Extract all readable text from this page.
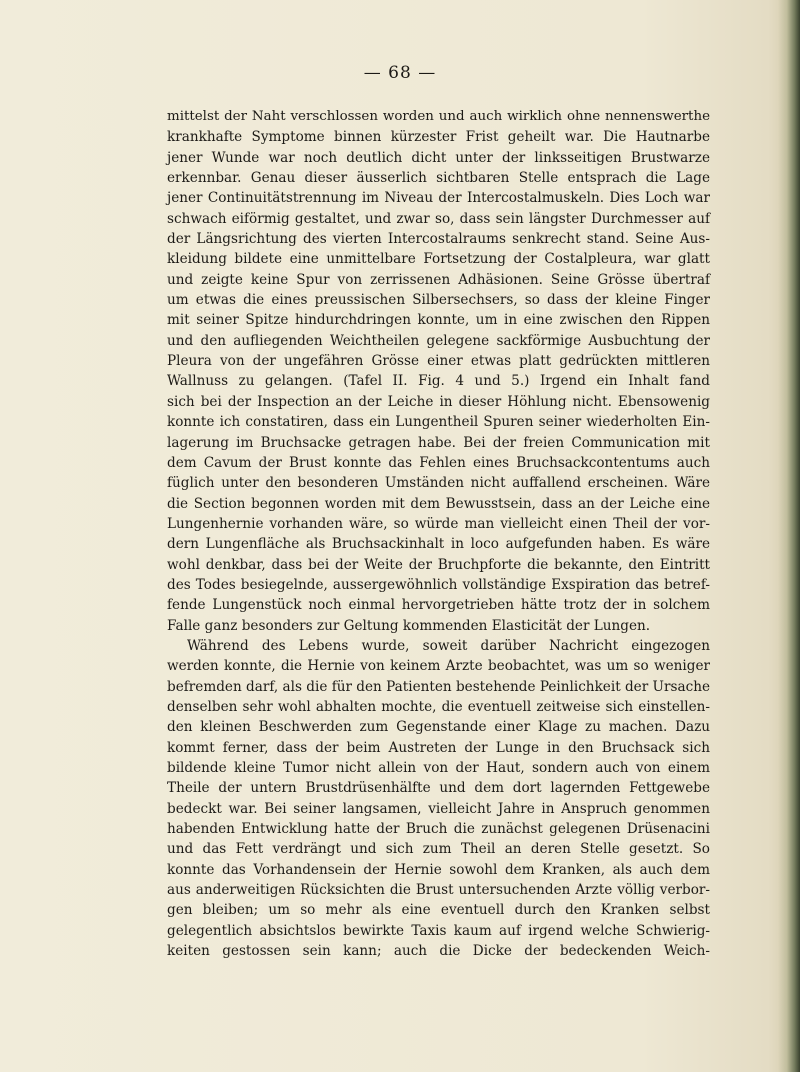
— 68 —
mittelst der Naht verschlossen worden und auch wirklich ohne nennenswerthe
krankhafte Symptome binnen kürzester Frist geheilt war. Die Hautnarbe
jener Wunde war noch deutlich dicht unter der linksseitigen Brustwarze
erkennbar. Genau dieser äusserlich sichtbaren Stelle entsprach die Lage
jener Continuitätstrennung im Niveau der Intercostalmuskeln. Dies Loch war
schwach eiförmig gestaltet, und zwar so, dass sein längster Durchmesser auf
der Längsrichtung des vierten Intercostalraums senkrecht stand. Seine Aus-
kleidung bildete eine unmittelbare Fortsetzung der Costalpleura, war glatt
und zeigte keine Spur von zerrissenen Adhäsionen. Seine Grösse übertraf
um etwas die eines preussischen Silbersechsers, so dass der kleine Finger
mit seiner Spitze hindurchdringen konnte, um in eine zwischen den Rippen
und den aufliegenden Weichtheilen gelegene sackförmige Ausbuchtung der
Pleura von der ungefähren Grösse einer etwas platt gedrückten mittleren
Wallnuss zu gelangen. (Tafel II. Fig. 4 und 5.) Irgend ein Inhalt fand
sich bei der Inspection an der Leiche in dieser Höhlung nicht. Ebensowenig
konnte ich constatiren, dass ein Lungentheil Spuren seiner wiederholten Ein-
lagerung im Bruchsacke getragen habe. Bei der freien Communication mit
dem Cavum der Brust konnte das Fehlen eines Bruchsackcontentums auch
füglich unter den besonderen Umständen nicht auffallend erscheinen. Wäre
die Section begonnen worden mit dem Bewusstsein, dass an der Leiche eine
Lungenhernie vorhanden wäre, so würde man vielleicht einen Theil der vor-
dern Lungenfläche als Bruchsackinhalt in loco aufgefunden haben. Es wäre
wohl denkbar, dass bei der Weite der Bruchpforte die bekannte, den Eintritt
des Todes besiegelnde, aussergewöhnlich vollständige Exspiration das betref-
fende Lungenstück noch einmal hervorgetrieben hätte trotz der in solchem
Falle ganz besonders zur Geltung kommenden Elasticität der Lungen.
Während des Lebens wurde, soweit darüber Nachricht eingezogen
werden konnte, die Hernie von keinem Arzte beobachtet, was um so weniger
befremden darf, als die für den Patienten bestehende Peinlichkeit der Ursache
denselben sehr wohl abhalten mochte, die eventuell zeitweise sich einstellen-
den kleinen Beschwerden zum Gegenstande einer Klage zu machen. Dazu
kommt ferner, dass der beim Austreten der Lunge in den Bruchsack sich
bildende kleine Tumor nicht allein von der Haut, sondern auch von einem
Theile der untern Brustdrüsenhälfte und dem dort lagernden Fettgewebe
bedeckt war. Bei seiner langsamen, vielleicht Jahre in Anspruch genommen
habenden Entwicklung hatte der Bruch die zunächst gelegenen Drüsenacini
und das Fett verdrängt und sich zum Theil an deren Stelle gesetzt. So
konnte das Vorhandensein der Hernie sowohl dem Kranken, als auch dem
aus anderweitigen Rücksichten die Brust untersuchenden Arzte völlig verbor-
gen bleiben; um so mehr als eine eventuell durch den Kranken selbst
gelegentlich absichtslos bewirkte Taxis kaum auf irgend welche Schwierig-
keiten gestossen sein kann; auch die Dicke der bedeckenden Weich-
